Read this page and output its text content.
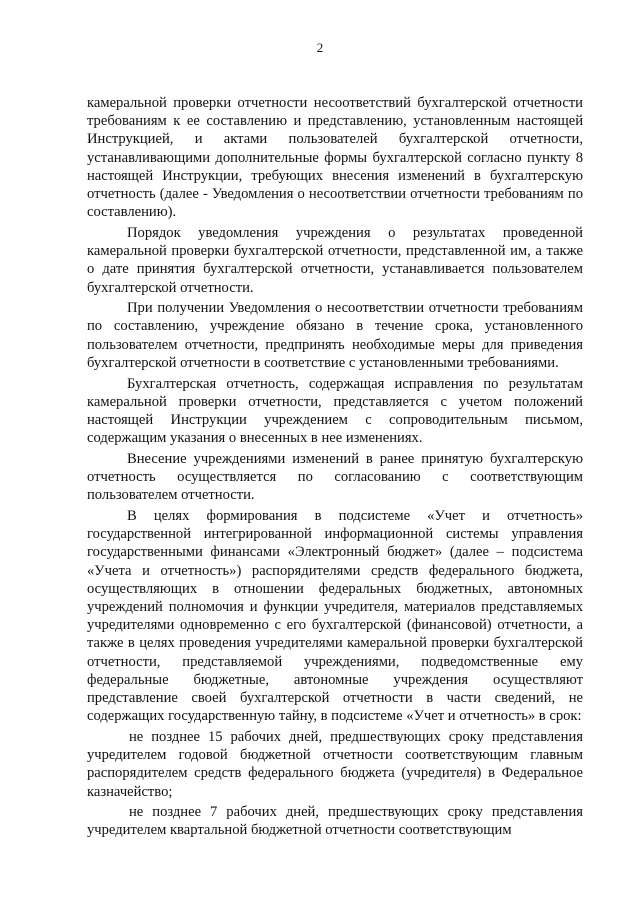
2

камеральной проверки отчетности несоответствий бухгалтерской отчетности требованиям к ее составлению и представлению, установленным настоящей Инструкцией, и актами пользователей бухгалтерской отчетности, устанавливающими дополнительные формы бухгалтерской согласно пункту 8 настоящей Инструкции, требующих внесения изменений в бухгалтерскую отчетность (далее - Уведомления о несоответствии отчетности требованиям по составлению).

Порядок уведомления учреждения о результатах проведенной камеральной проверки бухгалтерской отчетности, представленной им, а также о дате принятия бухгалтерской отчетности, устанавливается пользователем бухгалтерской отчетности.

При получении Уведомления о несоответствии отчетности требованиям по составлению, учреждение обязано в течение срока, установленного пользователем отчетности, предпринять необходимые меры для приведения бухгалтерской отчетности в соответствие с установленными требованиями.

Бухгалтерская отчетность, содержащая исправления по результатам камеральной проверки отчетности, представляется с учетом положений настоящей Инструкции учреждением с сопроводительным письмом, содержащим указания о внесенных в нее изменениях.

Внесение учреждениями изменений в ранее принятую бухгалтерскую отчетность осуществляется по согласованию с соответствующим пользователем отчетности.

В целях формирования в подсистеме «Учет и отчетность» государственной интегрированной информационной системы управления государственными финансами «Электронный бюджет» (далее – подсистема «Учета и отчетность») распорядителями средств федерального бюджета, осуществляющих в отношении федеральных бюджетных, автономных учреждений полномочия и функции учредителя, материалов представляемых учредителями одновременно с его бухгалтерской (финансовой) отчетности, а также в целях проведения учредителями камеральной проверки бухгалтерской отчетности, представляемой учреждениями, подведомственные ему федеральные бюджетные, автономные учреждения осуществляют представление своей бухгалтерской отчетности в части сведений, не содержащих государственную тайну, в подсистеме «Учет и отчетность» в срок:

не позднее 15 рабочих дней, предшествующих сроку представления учредителем годовой бюджетной отчетности соответствующим главным распорядителем средств федерального бюджета (учредителя) в Федеральное казначейство;

не позднее 7 рабочих дней, предшествующих сроку представления учредителем квартальной бюджетной отчетности соответствующим
